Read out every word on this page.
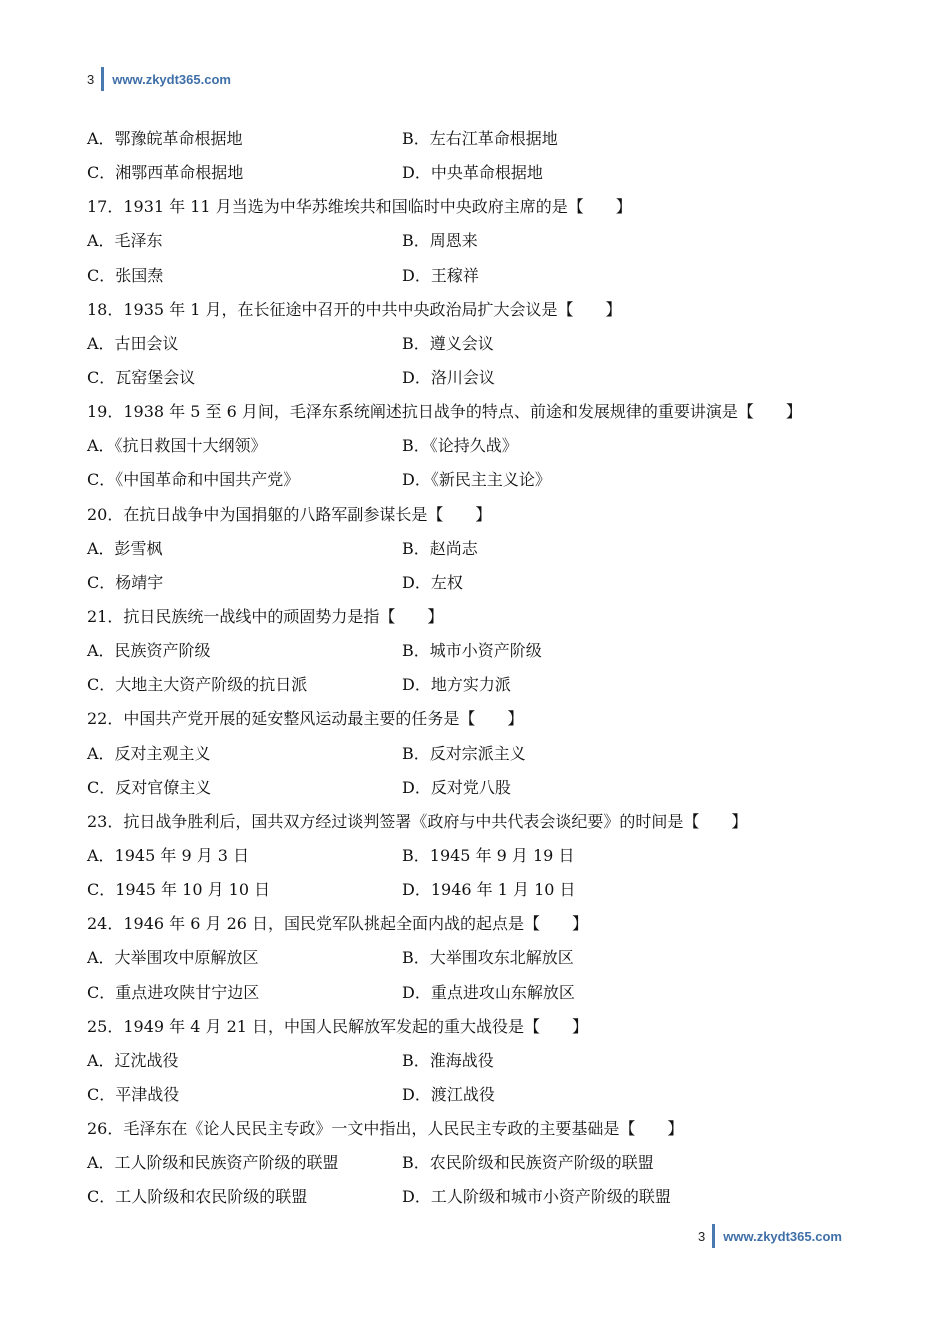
3 www.zkydt365.com
A．鄂豫皖革命根据地	B．左右江革命根据地
C．湘鄂西革命根据地	D．中央革命根据地
17．1931 年 11 月当选为中华苏维埃共和国临时中央政府主席的是【　　】
A．毛泽东	B．周恩来
C．张国焘	D．王稼祥
18．1935 年 1 月，在长征途中召开的中共中央政治局扩大会议是【　　】
A．古田会议	B．遵义会议
C．瓦窑堡会议	D．洛川会议
19．1938 年 5 至 6 月间，毛泽东系统阐述抗日战争的特点、前途和发展规律的重要讲演是【　　】
A．《抗日救国十大纲领》	B．《论持久战》
C．《中国革命和中国共产党》	D．《新民主主义论》
20．在抗日战争中为国捐躯的八路军副参谋长是【　　】
A．彭雪枫	B．赵尚志
C．杨靖宇	D．左权
21．抗日民族统一战线中的顽固势力是指【　　】
A．民族资产阶级	B．城市小资产阶级
C．大地主大资产阶级的抗日派	D．地方实力派
22．中国共产党开展的延安整风运动最主要的任务是【　　】
A．反对主观主义	B．反对宗派主义
C．反对官僚主义	D．反对党八股
23．抗日战争胜利后，国共双方经过谈判签署《政府与中共代表会谈纪要》的时间是【　　】
A．1945 年 9 月 3 日	B．1945 年 9 月 19 日
C．1945 年 10 月 10 日	D．1946 年 1 月 10 日
24．1946 年 6 月 26 日，国民党军队挑起全面内战的起点是【　　】
A．大举围攻中原解放区	B．大举围攻东北解放区
C．重点进攻陕甘宁边区	D．重点进攻山东解放区
25．1949 年 4 月 21 日，中国人民解放军发起的重大战役是【　　】
A．辽沈战役	B．淮海战役
C．平津战役	D．渡江战役
26．毛泽东在《论人民民主专政》一文中指出，人民民主专政的主要基础是【　　】
A．工人阶级和民族资产阶级的联盟	B．农民阶级和民族资产阶级的联盟
C．工人阶级和农民阶级的联盟	D．工人阶级和城市小资产阶级的联盟
3 www.zkydt365.com
